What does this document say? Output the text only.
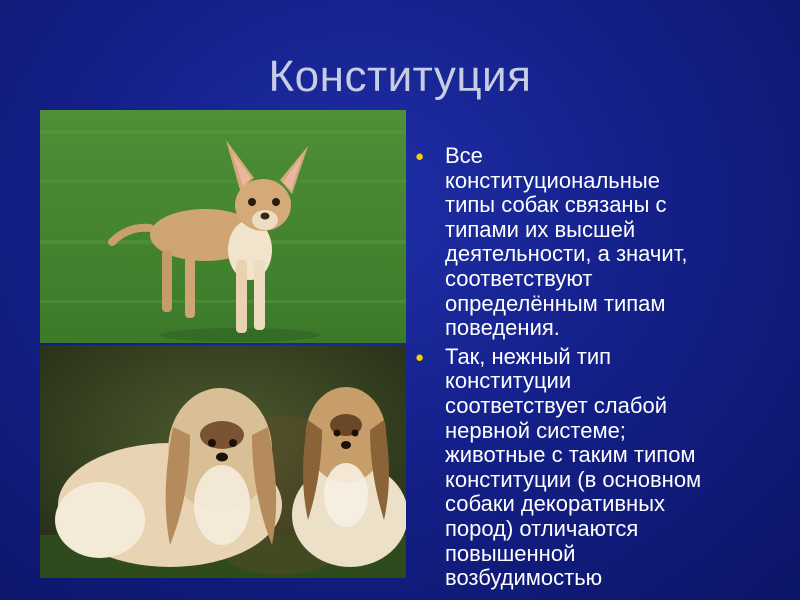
Конституция
● Все
конституциональные
типы собак связаны с
типами их высшей
деятельности, а значит,
соответствуют
определённым типам
поведения.
● Так, нежный тип
конституции
соответствует слабой
нервной системе;
животные с таким типом
конституции (в основном
собаки декоративных
пород) отличаются
повышенной
возбудимостью
